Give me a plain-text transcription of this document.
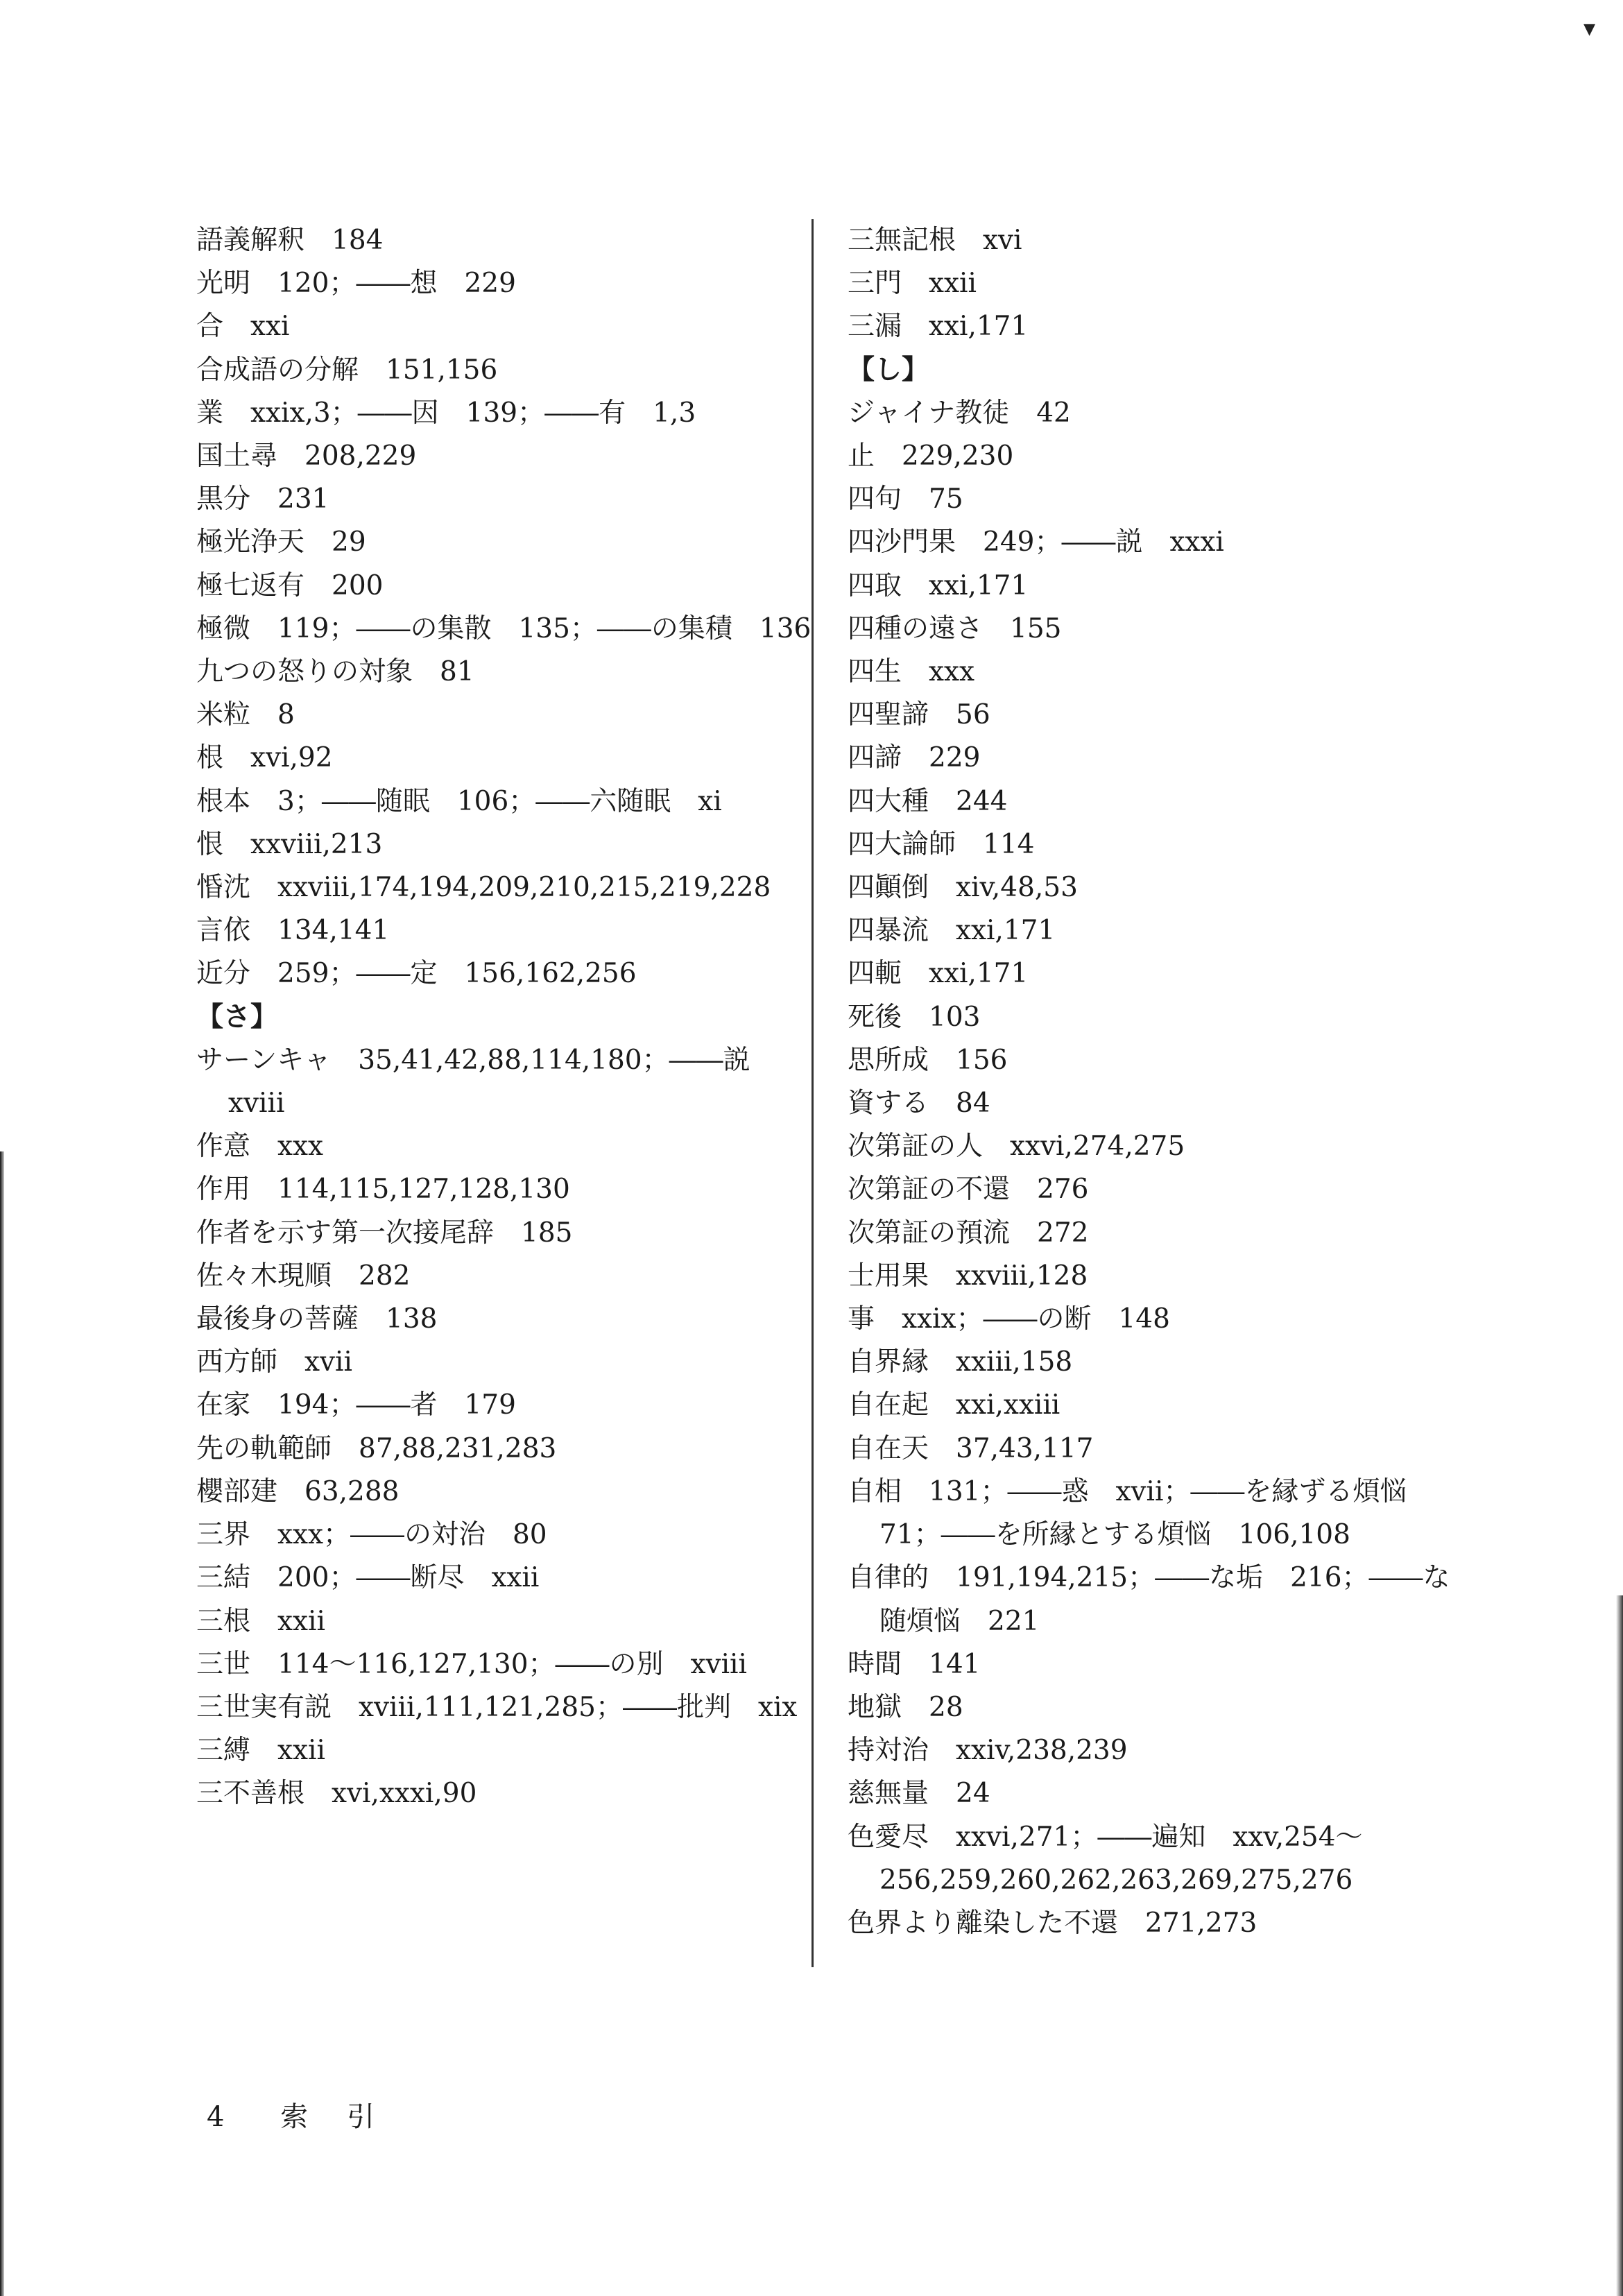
▼
語義解釈　184
光明　120；――想　229
合　xxi
合成語の分解　151,156
業　xxix,3；――因　139；――有　1,3
国土尋　208,229
黒分　231
極光浄天　29
極七返有　200
極微　119；――の集散　135；――の集積　136
九つの怒りの対象　81
米粒　8
根　xvi,92
根本　3；――随眠　106；――六随眠　xi
恨　xxviii,213
惛沈　xxviii,174,194,209,210,215,219,228
言依　134,141
近分　259；――定　156,162,256
【さ】
サーンキャ　35,41,42,88,114,180；――説　xviii
作意　xxx
作用　114,115,127,128,130
作者を示す第一次接尾辞　185
佐々木現順　282
最後身の菩薩　138
西方師　xvii
在家　194；――者　179
先の軌範師　87,88,231,283
櫻部建　63,288
三界　xxx；――の対治　80
三結　200；――断尽　xxii
三根　xxii
三世　114～116,127,130；――の別　xviii
三世実有説　xviii,111,121,285；――批判　xix
三縛　xxii
三不善根　xvi,xxxi,90
三無記根　xvi
三門　xxii
三漏　xxi,171
【し】
ジャイナ教徒　42
止　229,230
四句　75
四沙門果　249；――説　xxxi
四取　xxi,171
四種の遠さ　155
四生　xxx
四聖諦　56
四諦　229
四大種　244
四大論師　114
四顚倒　xiv,48,53
四暴流　xxi,171
四軛　xxi,171
死後　103
思所成　156
資する　84
次第証の人　xxvi,274,275
次第証の不還　276
次第証の預流　272
士用果　xxviii,128
事　xxix；――の断　148
自界縁　xxiii,158
自在起　xxi,xxiii
自在天　37,43,117
自相　131；――惑　xvii；――を縁ずる煩悩　71；――を所縁とする煩悩　106,108
自律的　191,194,215；――な垢　216；――な随煩悩　221
時間　141
地獄　28
持対治　xxiv,238,239
慈無量　24
色愛尽　xxvi,271；――遍知　xxv,254～256,259,260,262,263,269,275,276
色界より離染した不還　271,273
4 索引
